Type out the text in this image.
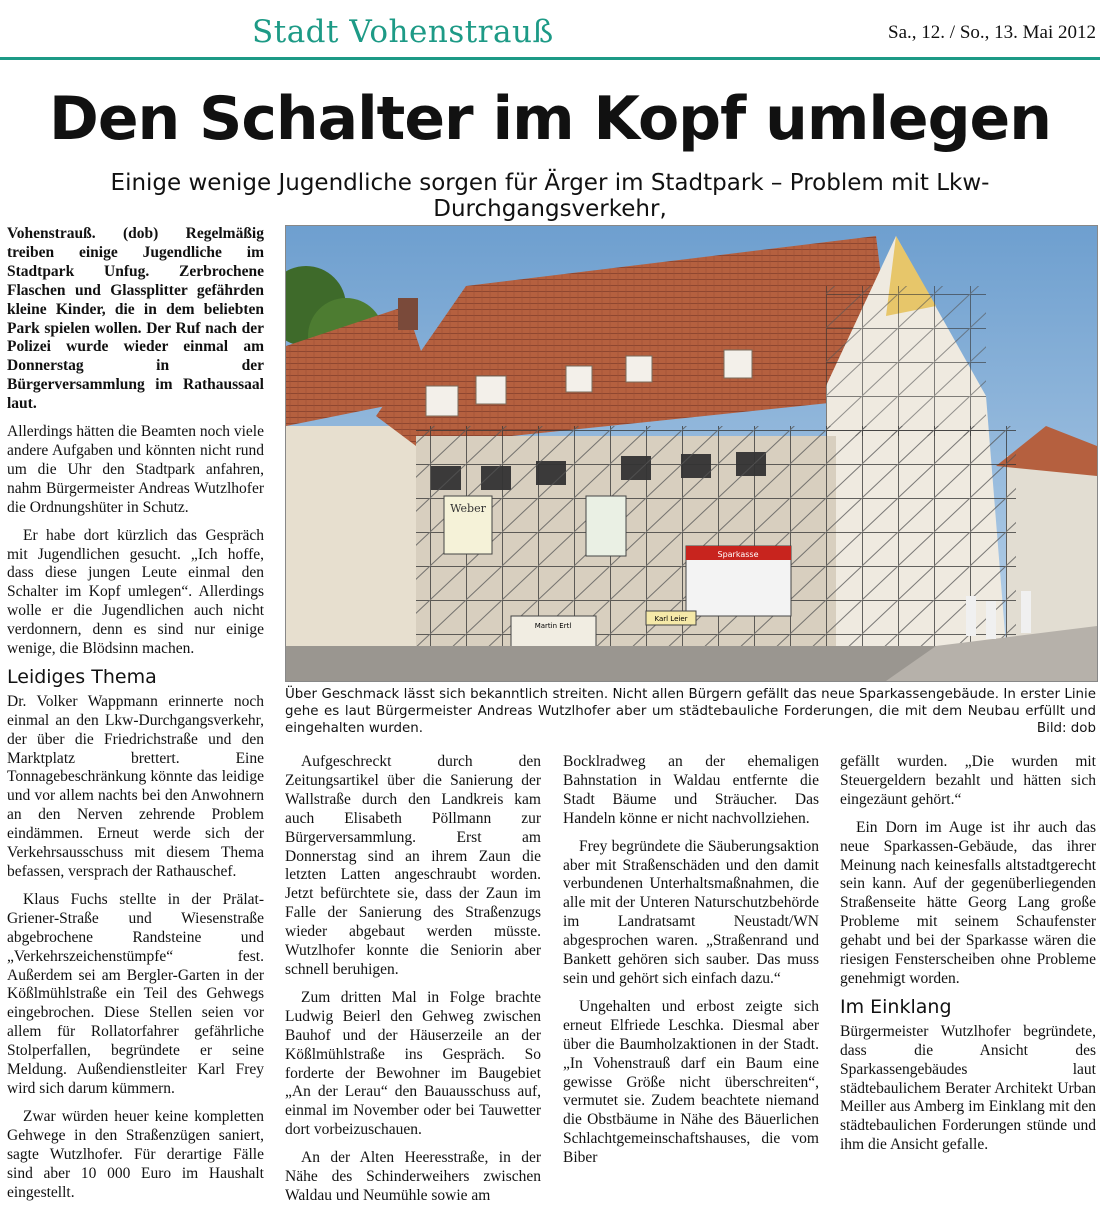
Stadt Vohenstrauß	Sa., 12. / So., 13. Mai 2012
Den Schalter im Kopf umlegen
Einige wenige Jugendliche sorgen für Ärger im Stadtpark – Problem mit Lkw-Durchgangsverkehr,

Vohenstrauß. (dob) Regelmäßig treiben einige Jugendliche im Stadtpark Unfug. Zerbrochene Flaschen und Glassplitter gefährden kleine Kinder, die in dem beliebten Park spielen wollen. Der Ruf nach der Polizei wurde wieder einmal am Donnerstag in der Bürgerversammlung im Rathaussaal laut.

Allerdings hätten die Beamten noch viele andere Aufgaben und könnten nicht rund um die Uhr den Stadtpark anfahren, nahm Bürgermeister Andreas Wutzlhofer die Ordnungshüter in Schutz.

Er habe dort kürzlich das Gespräch mit Jugendlichen gesucht. „Ich hoffe, dass diese jungen Leute einmal den Schalter im Kopf umlegen“. Allerdings wolle er die Jugendlichen auch nicht verdonnern, denn es sind nur einige wenige, die Blödsinn machen.

Leidiges Thema

Dr. Volker Wappmann erinnerte noch einmal an den Lkw-Durchgangsverkehr, der über die Friedrichstraße und den Marktplatz brettert. Eine Tonnagebeschränkung könnte das leidige und vor allem nachts bei den Anwohnern an den Nerven zehrende Problem eindämmen. Erneut werde sich der Verkehrsausschuss mit diesem Thema befassen, versprach der Rathauschef.

Klaus Fuchs stellte in der Prälat-Griener-Straße und Wiesenstraße abgebrochene Randsteine und „Verkehrszeichenstümpfe“ fest. Außerdem sei am Bergler-Garten in der Kößlmühlstraße ein Teil des Gehwegs eingebrochen. Diese Stellen seien vor allem für Rollatorfahrer gefährliche Stolperfallen, begründete er seine Meldung. Außendienstleiter Karl Frey wird sich darum kümmern.

Zwar würden heuer keine kompletten Gehwege in den Straßenzügen saniert, sagte Wutzlhofer. Für derartige Fälle sind aber 10 000 Euro im Haushalt eingestellt.

Weber
Sparkasse
Martin Ertl
Karl Leier
Über Geschmack lässt sich bekanntlich streiten. Nicht allen Bürgern gefällt das neue Sparkassengebäude. In erster Linie gehe es laut Bürgermeister Andreas Wutzlhofer aber um städtebauliche Forderungen, die mit dem Neubau erfüllt und eingehalten wurden.	Bild: dob

Aufgeschreckt durch den Zeitungsartikel über die Sanierung der Wallstraße durch den Landkreis kam auch Elisabeth Pöllmann zur Bürgerversammlung. Erst am Donnerstag sind an ihrem Zaun die letzten Latten angeschraubt worden. Jetzt befürchtete sie, dass der Zaun im Falle der Sanierung des Straßenzugs wieder abgebaut werden müsste. Wutzlhofer konnte die Seniorin aber schnell beruhigen.

Zum dritten Mal in Folge brachte Ludwig Beierl den Gehweg zwischen Bauhof und der Häuserzeile an der Kößlmühlstraße ins Gespräch. So forderte der Bewohner im Baugebiet „An der Lerau“ den Bauausschuss auf, einmal im November oder bei Tauwetter dort vorbeizuschauen.

An der Alten Heeresstraße, in der Nähe des Schinderweihers zwischen Waldau und Neumühle sowie am

Bocklradweg an der ehemaligen Bahnstation in Waldau entfernte die Stadt Bäume und Sträucher. Das Handeln könne er nicht nachvollziehen.

Frey begründete die Säuberungsaktion aber mit Straßenschäden und den damit verbundenen Unterhaltsmaßnahmen, die alle mit der Unteren Naturschutzbehörde im Landratsamt Neustadt/WN abgesprochen waren. „Straßenrand und Bankett gehören sich sauber. Das muss sein und gehört sich einfach dazu.“

Ungehalten und erbost zeigte sich erneut Elfriede Leschka. Diesmal aber über die Baumholzaktionen in der Stadt. „In Vohenstrauß darf ein Baum eine gewisse Größe nicht überschreiten“, vermutet sie. Zudem beachtete niemand die Obstbäume in Nähe des Bäuerlichen Schlachtgemeinschaftshauses, die vom Biber

gefällt wurden. „Die wurden mit Steuergeldern bezahlt und hätten sich eingezäunt gehört.“

Ein Dorn im Auge ist ihr auch das neue Sparkassen-Gebäude, das ihrer Meinung nach keinesfalls altstadtgerecht sein kann. Auf der gegenüberliegenden Straßenseite hätte Georg Lang große Probleme mit seinem Schaufenster gehabt und bei der Sparkasse wären die riesigen Fensterscheiben ohne Probleme genehmigt worden.

Im Einklang

Bürgermeister Wutzlhofer begründete, dass die Ansicht des Sparkassengebäudes laut städtebaulichem Berater Architekt Urban Meiller aus Amberg im Einklang mit den städtebaulichen Forderungen stünde und ihm die Ansicht gefalle.
